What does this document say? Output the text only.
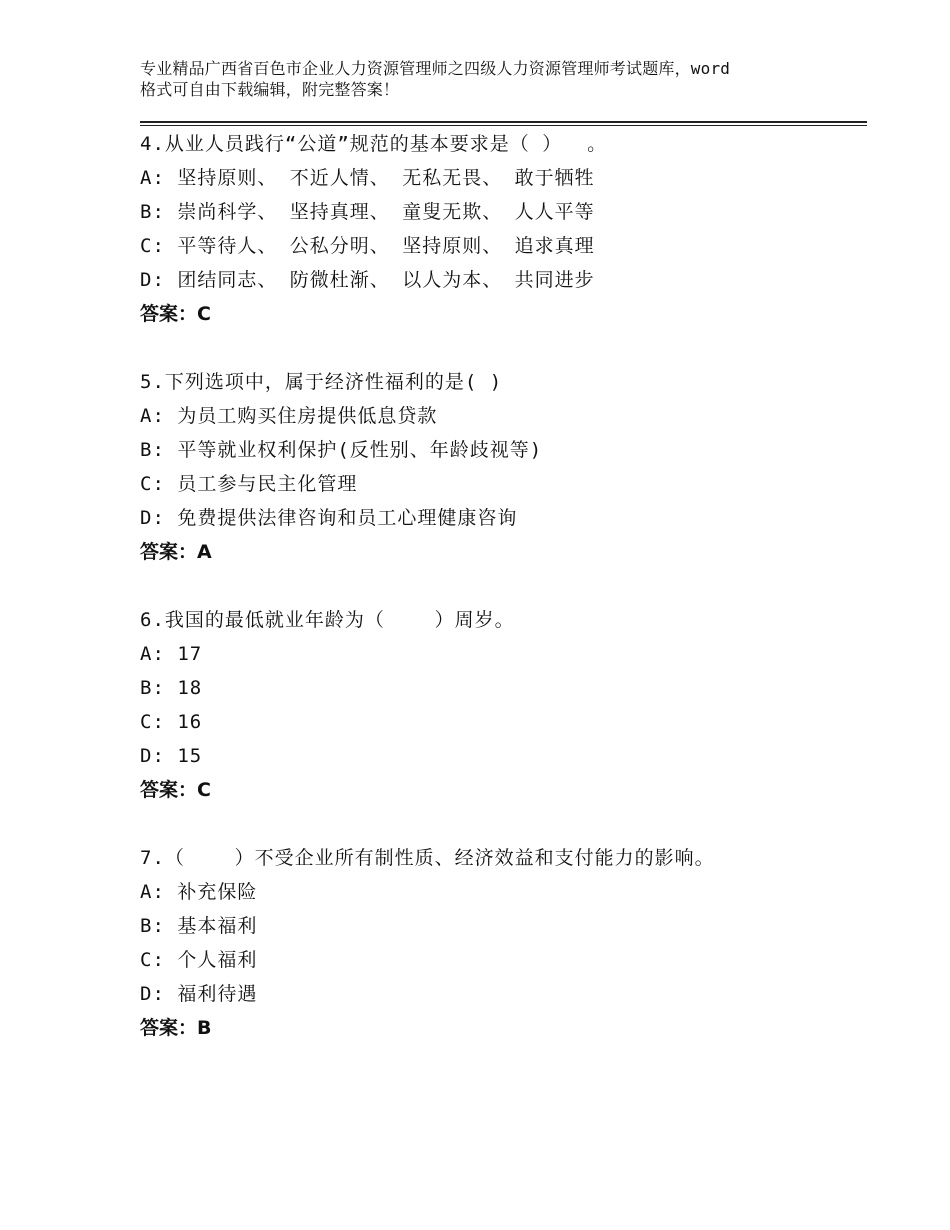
专业精品广西省百色市企业人力资源管理师之四级人力资源管理师考试题库，word
格式可自由下载编辑，附完整答案！
4.从业人员践行“公道”规范的基本要求是（ ）  。
A: 坚持原则、 不近人情、 无私无畏、 敢于牺牲
B: 崇尚科学、 坚持真理、 童叟无欺、 人人平等
C: 平等待人、 公私分明、 坚持原则、 追求真理
D: 团结同志、 防微杜渐、 以人为本、 共同进步
答案：C
5.下列选项中，属于经济性福利的是( )
A: 为员工购买住房提供低息贷款
B: 平等就业权利保护(反性别、年龄歧视等)
C: 员工参与民主化管理
D: 免费提供法律咨询和员工心理健康咨询
答案：A
6.我国的最低就业年龄为（    ）周岁。
A: 17
B: 18
C: 16
D: 15
答案：C
7.（    ）不受企业所有制性质、经济效益和支付能力的影响。
A: 补充保险
B: 基本福利
C: 个人福利
D: 福利待遇
答案：B
